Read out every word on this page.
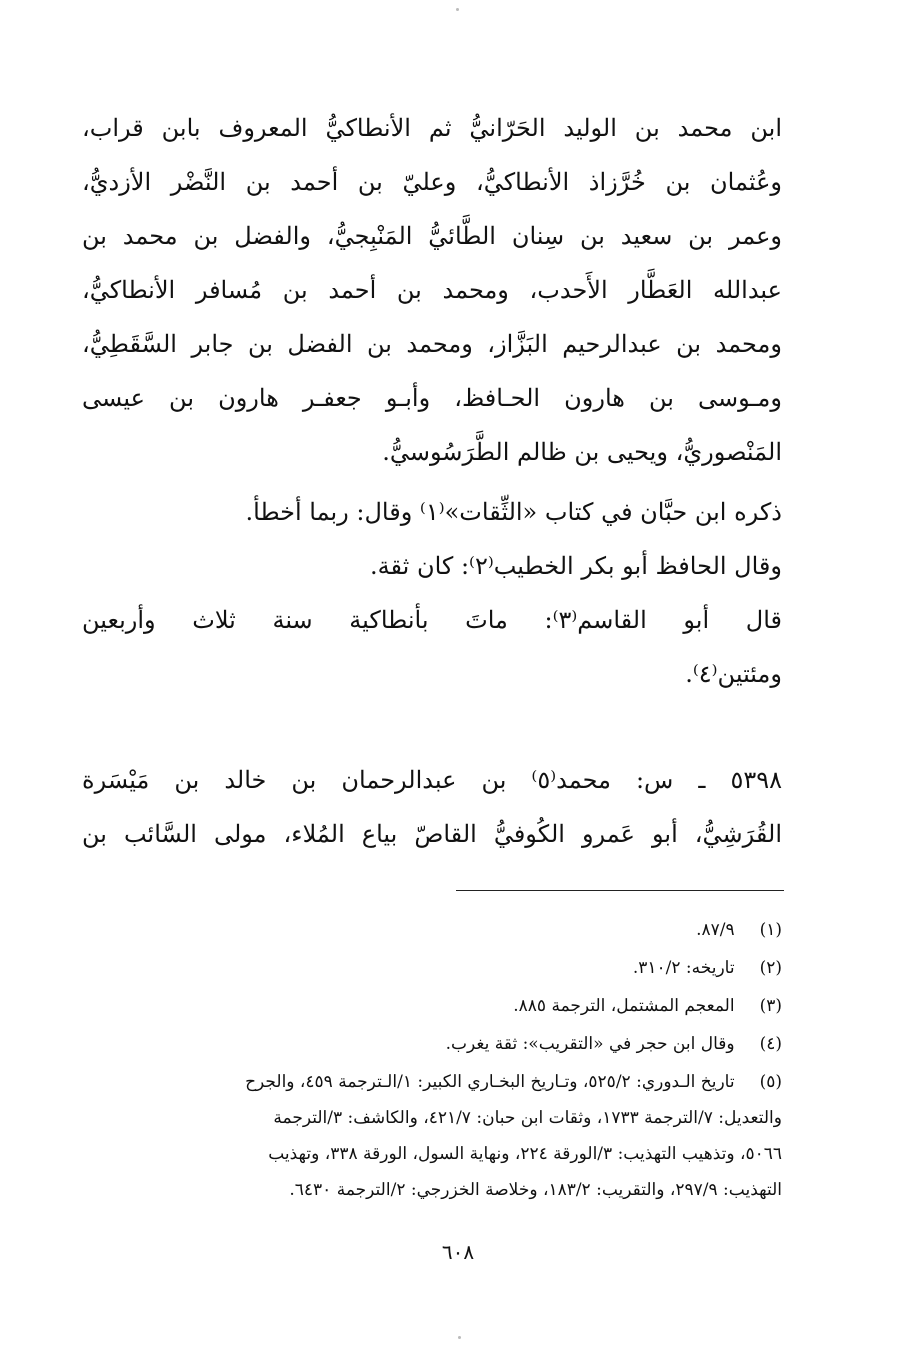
ابن محمد بن الوليد الحَرّانيُّ ثم الأنطاكيُّ المعروف بابن قراب،
وعُثمان بن خُرَّزاذ الأنطاكيُّ، وعليّ بن أحمد بن النَّضْر الأزديُّ،
وعمر بن سعيد بن سِنان الطَّائيُّ المَنْبِجيُّ، والفضل بن محمد بن
عبدالله العَطَّار الأَحدب، ومحمد بن أحمد بن مُسافر الأنطاكيُّ،
ومحمد بن عبدالرحيم البَزَّاز، ومحمد بن الفضل بن جابر السَّقَطِيُّ،
ومـوسى بن هارون الحـافظ، وأبـو جعفـر هارون بن عيسى
المَنْصوريُّ، ويحيى بن ظالم الطَّرَسُوسيُّ.
ذكره ابن حبَّان في كتاب «الثِّقات»⁽١⁾ وقال: ربما أخطأ.
وقال الحافظ أبو بكر الخطيب⁽٢⁾: كان ثقة.
قال أبو القاسم⁽٣⁾: ماتَ بأنطاكية سنة ثلاث وأربعين
ومئتين⁽٤⁾.
٥٣٩٨ ـ س: محمد⁽٥⁾ بن عبدالرحمان بن خالد بن مَيْسَرة
القُرَشِيُّ، أبو عَمرو الكُوفيُّ القاصّ بياع المُلاء، مولى السَّائب بن
(١) ٨٧/٩.
(٢) تاريخه: ٣١٠/٢.
(٣) المعجم المشتمل، الترجمة ٨٨٥.
(٤) وقال ابن حجر في «التقريب»: ثقة يغرب.
(٥) تاريخ الـدوري: ٥٢٥/٢، وتـاريخ البخـاري الكبير: ١/الـترجمة ٤٥٩، والجرح
والتعديل: ٧/الترجمة ١٧٣٣، وثقات ابن حبان: ٤٢١/٧، والكاشف: ٣/الترجمة
٥٠٦٦، وتذهيب التهذيب: ٣/الورقة ٢٢٤، ونهاية السول، الورقة ٣٣٨، وتهذيب
التهذيب: ٢٩٧/٩، والتقريب: ١٨٣/٢، وخلاصة الخزرجي: ٢/الترجمة ٦٤٣٠.
٦٠٨
